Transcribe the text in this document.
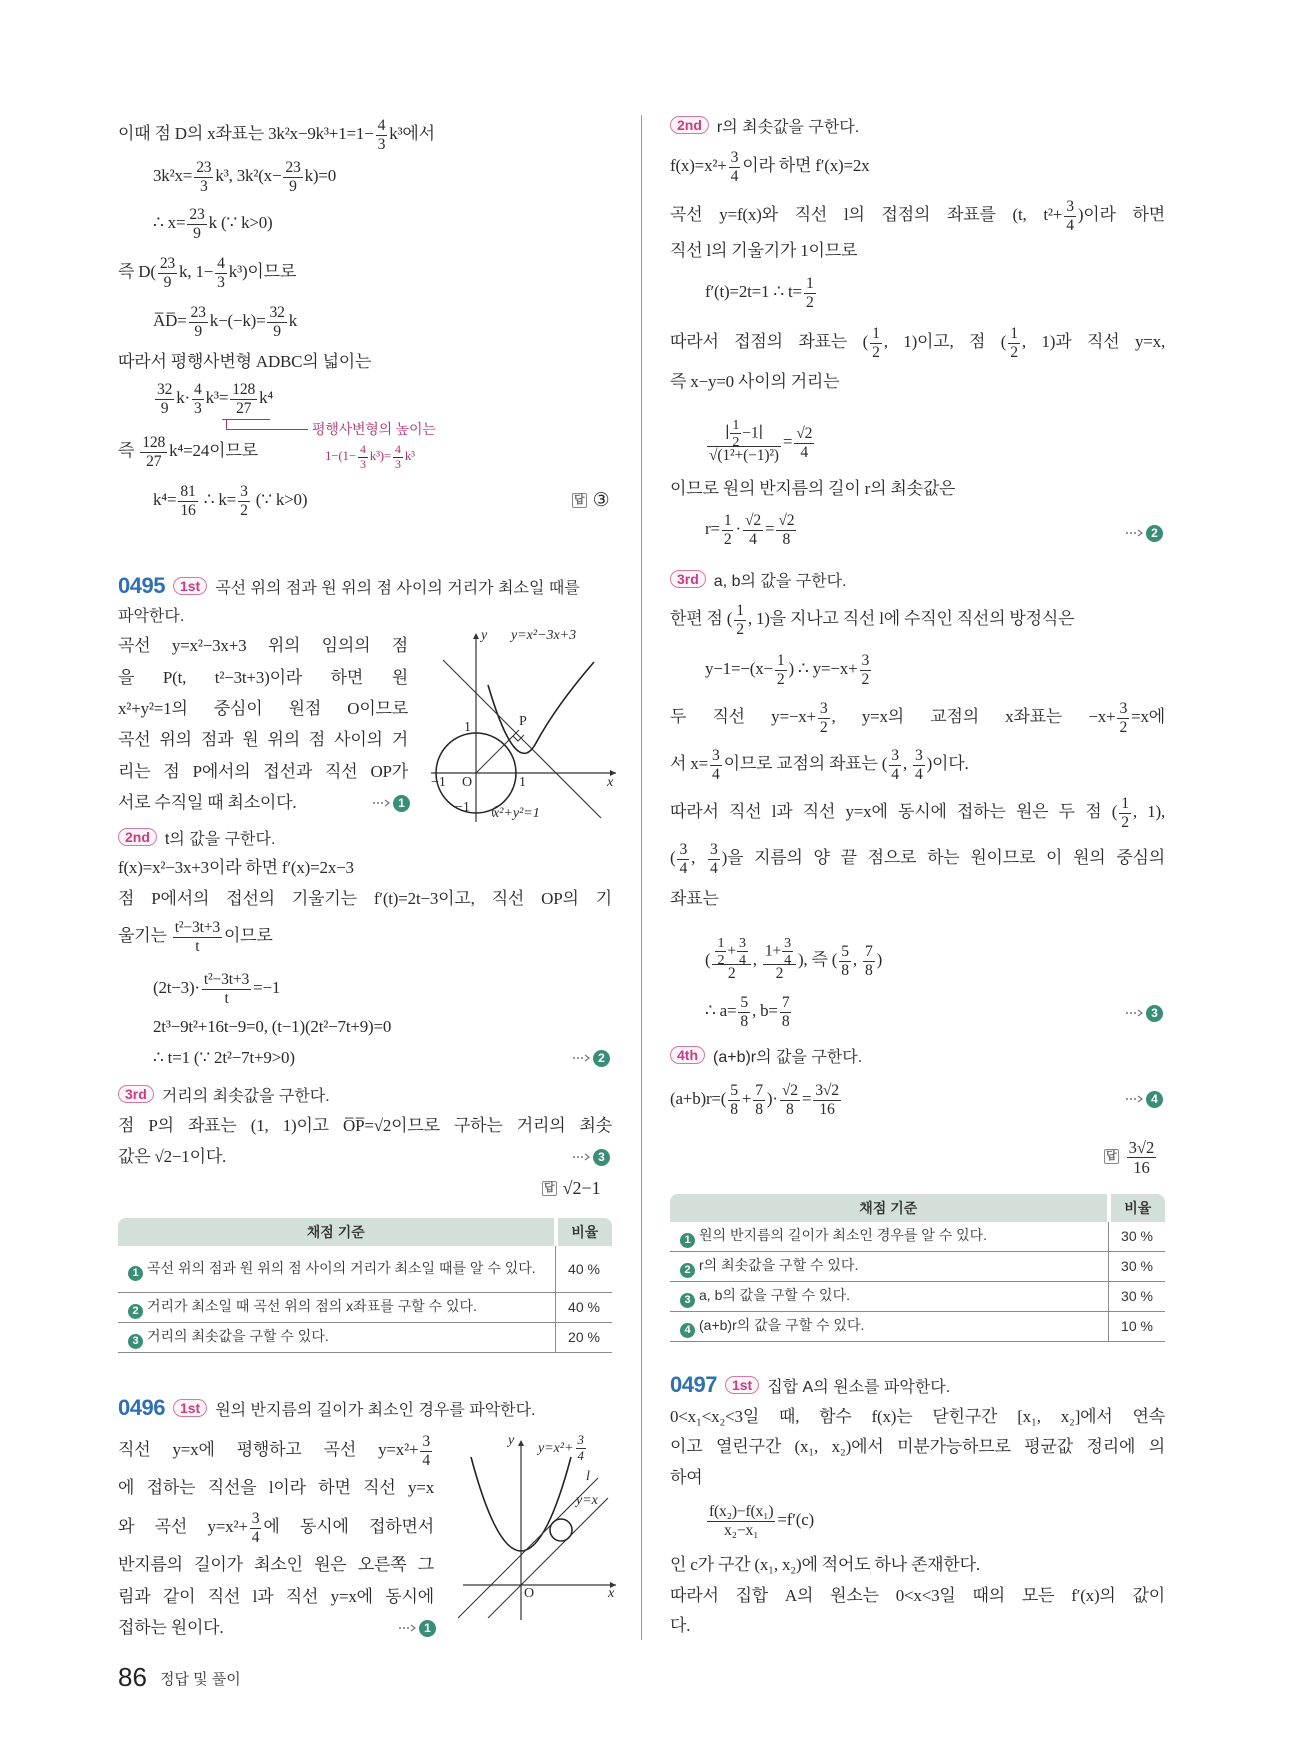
이때 점 D의 x좌표는 $3k^2x-9k^3+1=1- \frac{4}{3} k^3$에서
$3k^2x= \frac{23}{3} k^3$, $3k^2(x- \frac{23}{9} k)=0$
∴ $x= \frac{23}{9}$ k (∵ k>0)
즉 $D( \frac{23}{9} k$, $1- \frac{4}{3} k^3$)이므로
A̅D̅= $\frac{23}{9} k-(-k)= \frac{32}{9}$ k
따라서 평행사변형 ADBC의 넓이는
$\frac{32}{9} k\cdot \frac{4}{3} k^3= \frac{128}{27} k^4$
평행사변형의 높이는
$1-(1- \frac{4}{3} k^3)= \frac{4}{3} k^3$
즉 $\frac{128}{27} k^4=24$이므로
$k^4= \frac{81}{16}$ ∴ $k= \frac{3}{2}$ (∵ k>0)	답 ③
0495	1st 곡선 위의 점과 원 위의 점 사이의 거리가 최소일 때를
파악한다.
곡선 y=x²−3x+3 위의 임의의 점
을 P(t, t²−3t+3)이라 하면 원
x²+y²=1의 중심이 원점 O이므로
곡선 위의 점과 원 위의 점 사이의 거
리는 점 P에서의 접선과 직선 OP가
서로 수직일 때 최소이다.	1
y y=x²−3x+3
1	P
−1 O	1	x
−1 x²+y²=1
2nd t의 값을 구한다.
f(x)=x²−3x+3이라 하면 f′(x)=2x−3
점 P에서의 접선의 기울기는 f′(t)=2t−3이고, 직선 OP의 기
울기는 $\frac{\text{t²−3t+3}}{t}$ 이므로
$(2t-3)\cdot \frac{\text{t²−3t+3}}{t} =-1$
2t³−9t²+16t−9=0, (t−1)(2t²−7t+9)=0
∴ t=1 (∵ 2t²−7t+9>0)	2
3rd 거리의 최솟값을 구한다.
점 P의 좌표는 (1, 1)이고 O̅P̅=√2이므로 구하는 거리의 최솟
값은 √2−1이다.	3
답 √2−1
채점 기준	비율
1 곡선 위의 점과 원 위의 점 사이의 거리가 최소일 때를 알 수 있다.	40 %
2 거리가 최소일 때 곡선 위의 점의 x좌표를 구할 수 있다.	40 %
3 거리의 최솟값을 구할 수 있다.	20 %
0496	1st 원의 반지름의 길이가 최소인 경우를 파악한다.
직선 y=x에 평행하고 곡선 $y=x^2+ \frac{3}{4}$
에 접하는 직선을 l이라 하면 직선 y=x
와 곡선 $y=x^2+ \frac{3}{4}$ 에 동시에 접하면서
반지름의 길이가 최소인 원은 오른쪽 그
림과 같이 직선 l과 직선 y=x에 동시에
접하는 원이다.	1
y
$y=x^2+ \frac{3}{4}$
l
y=x
O	x
86 정답 및 풀이
2nd r의 최솟값을 구한다.
$f(x)=x^2+ \frac{3}{4}$ 이라 하면 f′(x)=2x
곡선 y=f(x)와 직선 l의 접점의 좌표를 (t, $t^2+ \frac{3}{4}$ )이라 하면
직선 l의 기울기가 1이므로
f′(t)=2t=1 ∴ $t= \frac{1}{2}$
따라서 접점의 좌표는 ( $\frac{1}{2}$ , 1)이고, 점 ( $\frac{1}{2}$ , 1)과 직선 y=x,
즉 x−y=0 사이의 거리는
$\frac{∣ \frac{1}{2} -1∣}{\text{√(1²+(−1)²)}} = \frac{√2}{4}$
이므로 원의 반지름의 길이 r의 최솟값은
$r= \frac{1}{2} \cdot \frac{√2}{4} = \frac{√2}{8}$	2
3rd a, b의 값을 구한다.
한편 점 ( $\frac{1}{2}$ , 1)을 지나고 직선 l에 수직인 직선의 방정식은
$y-1=-(x- \frac{1}{2}$ ) ∴ $y=-x+ \frac{3}{2}$
두 직선 $y=-x+ \frac{3}{2}$ , y=x의 교점의 x좌표는 $-x+ \frac{3}{2} =x$에
서 $x= \frac{3}{4}$ 이므로 교점의 좌표는 ( $\frac{3}{4}$ , $\frac{3}{4}$ )이다.
따라서 직선 l과 직선 y=x에 동시에 접하는 원은 두 점 ( $\frac{1}{2}$ , 1),
( $\frac{3}{4}$ , $\frac{3}{4}$ )을 지름의 양 끝 점으로 하는 원이므로 이 원의 중심의
좌표는
( $\frac{\frac{1}{2} + \frac{3}{4}}{2}$ , $\frac{1+ \frac{3}{4}}{2}$ ), 즉 ( $\frac{5}{8}$ , $\frac{7}{8}$ )
∴ $a= \frac{5}{8}$ , $b= \frac{7}{8}$	3
4th (a+b)r의 값을 구한다.
$(a+b)r=( \frac{5}{8} + \frac{7}{8}$ )· $\frac{√2}{8} = \frac{3√2}{16}$	4
답 $\frac{3√2}{16}$
채점 기준	비율
1 원의 반지름의 길이가 최소인 경우를 알 수 있다.	30 %
2 r의 최솟값을 구할 수 있다.	30 %
3 a, b의 값을 구할 수 있다.	30 %
4 (a+b)r의 값을 구할 수 있다.	10 %
0497	1st 집합 A의 원소를 파악한다.
0<x₁<x₂<3일 때, 함수 f(x)는 닫힌구간 [x₁, x₂]에서 연속
이고 열린구간 (x₁, x₂)에서 미분가능하므로 평균값 정리에 의
하여
$\frac{\text{f(x₂)−f(x₁)}}{\text{x₂−x₁}} =f'(c)$
인 c가 구간 (x₁, x₂)에 적어도 하나 존재한다.
따라서 집합 A의 원소는 0<x<3일 때의 모든 f′(x)의 값이
다.
